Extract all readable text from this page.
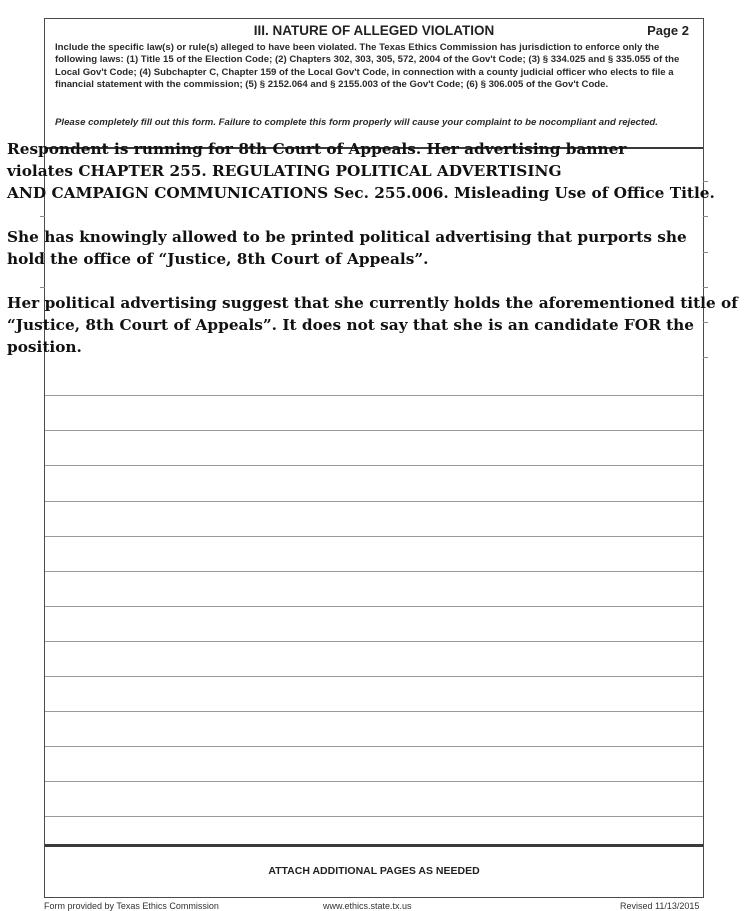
III. NATURE OF ALLEGED VIOLATION	Page 2
Include the specific law(s) or rule(s) alleged to have been violated. The Texas Ethics Commission has jurisdiction to enforce only the following laws: (1) Title 15 of the Election Code; (2) Chapters 302, 303, 305, 572, 2004 of the Gov't Code; (3) § 334.025 and § 335.055 of the Local Gov't Code; (4) Subchapter C, Chapter 159 of the Local Gov't Code, in connection with a county judicial officer who elects to file a financial statement with the commission; (5) § 2152.064 and § 2155.003 of the Gov't Code; (6) § 306.005 of the Gov't Code.
Please completely fill out this form. Failure to complete this form properly will cause your complaint to be nocompliant and rejected.
ATTACH ADDITIONAL PAGES AS NEEDED
Respondent is running for 8th Court of Appeals. Her advertising banner
violates CHAPTER 255. REGULATING POLITICAL ADVERTISING
AND CAMPAIGN COMMUNICATIONS Sec. 255.006. Misleading Use of Office Title.
She has knowingly allowed to be printed political advertising that purports she
hold the office of “Justice, 8th Court of Appeals”.
Her political advertising suggest that she currently holds the aforementioned title of
“Justice, 8th Court of Appeals”. It does not say that she is an candidate FOR the
position.
Form provided by Texas Ethics Commission	www.ethics.state.tx.us	Revised 11/13/2015
